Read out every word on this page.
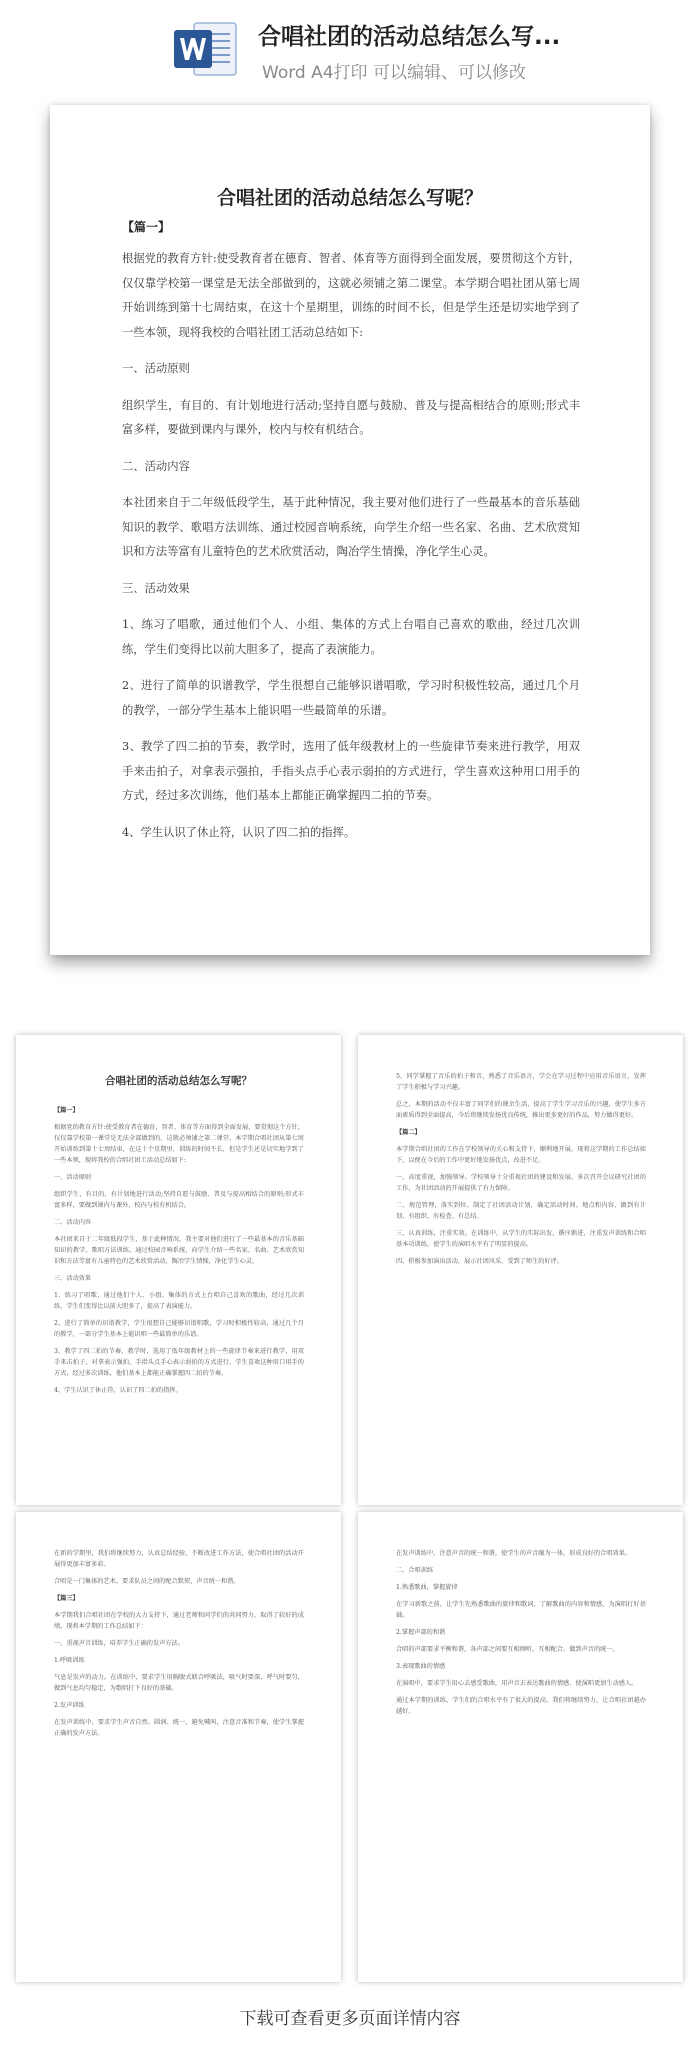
合唱社团的活动总结怎么写...
Word A4打印 可以编辑、可以修改
合唱社团的活动总结怎么写呢？
【篇一】

根据党的教育方针:使受教育者在德育、智者、体育等方面得到全面发展，要贯彻这个方针，仅仅靠学校第一课堂是无法全部做到的，这就必须铺之第二课堂。本学期合唱社团从第七周开始训练到第十七周结束，在这十个星期里，训练的时间不长，但是学生还是切实地学到了一些本领，现将我校的合唱社团工活动总结如下:

一、活动原则

组织学生，有目的、有计划地进行活动;坚持自愿与鼓励、普及与提高相结合的原则;形式丰富多样，要做到课内与课外，校内与校有机结合。

二、活动内容

本社团来自于二年级低段学生，基于此种情况，我主要对他们进行了一些最基本的音乐基础知识的教学、歌唱方法训练、通过校园音响系统，向学生介绍一些名家、名曲、艺术欣赏知识和方法等富有儿童特色的艺术欣赏活动，陶冶学生情操，净化学生心灵。

三、活动效果

1、练习了唱歌，通过他们个人、小组、集体的方式上台唱自己喜欢的歌曲，经过几次训练，学生们变得比以前大胆多了，提高了表演能力。

2、进行了简单的识谱教学，学生很想自己能够识谱唱歌，学习时积极性较高，通过几个月的教学，一部分学生基本上能识唱一些最简单的乐谱。

3、教学了四二拍的节奏，教学时，选用了低年级教材上的一些旋律节奏来进行教学，用双手来击拍子，对拿表示强拍，手指头点手心表示弱拍的方式进行，学生喜欢这种用口用手的方式，经过多次训练，他们基本上都能正确掌握四二拍的节奏。

4、学生认识了休止符，认识了四二拍的指挥。

合唱社团的活动总结怎么写呢？

【篇一】

根据党的教育方针:使受教育者在德育、智者、体育等方面得到全面发展，要贯彻这个方针，仅仅靠学校第一课堂是无法全部做到的，这就必须铺之第二课堂。本学期合唱社团从第七周开始训练到第十七周结束，在这十个星期里，训练的时间不长，但是学生还是切实地学到了一些本领，现将我校的合唱社团工活动总结如下:

一、活动原则

组织学生，有目的、有计划地进行活动;坚持自愿与鼓励、普及与提高相结合的原则;形式丰富多样，要做到课内与课外，校内与校有机结合。

二、活动内容

本社团来自于二年级低段学生，基于此种情况，我主要对他们进行了一些最基本的音乐基础知识的教学、歌唱方法训练、通过校园音响系统，向学生介绍一些名家、名曲、艺术欣赏知识和方法等富有儿童特色的艺术欣赏活动，陶冶学生情操，净化学生心灵。

三、活动效果

1、练习了唱歌，通过他们个人、小组、集体的方式上台唱自己喜欢的歌曲，经过几次训练，学生们变得比以前大胆多了，提高了表演能力。

2、进行了简单的识谱教学，学生很想自己能够识谱唱歌，学习时积极性较高，通过几个月的教学，一部分学生基本上能识唱一些最简单的乐谱。

3、教学了四二拍的节奏，教学时，选用了低年级教材上的一些旋律节奏来进行教学，用双手来击拍子，对拿表示强拍，手指头点手心表示弱拍的方式进行，学生喜欢这种用口用手的方式，经过多次训练，他们基本上都能正确掌握四二拍的节奏。

4、学生认识了休止符，认识了四二拍的指挥。

5、同学掌握了音乐的拍子和音，熟悉了音乐语言，学会在学习过程中应用音乐语言，发挥了学生积极与学习兴趣。

总之，本期的活动不仅丰富了同学们的课余生活，提高了学生学习音乐的兴趣，使学生多方面素质得到全面提高，今后将继续发扬优良传统，推出更多更好的作品，努力做得更好。

【篇二】

本学期合唱社团的工作在学校领导的关心和支持下，顺利地开展。现将这学期的工作总结如下，以便在今后的工作中更好地发扬优点，改进不足。

一、高度重视，加强领导。学校领导十分重视社团的建设和发展，多次召开会议研究社团的工作，为社团活动的开展提供了有力保障。

二、规范管理，落实到位。制定了社团活动计划，确定活动时间、地点和内容，做到有计划、有组织、有检查、有总结。

三、认真训练，注重实效。在训练中，从学生的实际出发，循序渐进，注重发声训练和合唱基本功训练，使学生的演唱水平有了明显的提高。

四、积极参加演出活动，展示社团风采，受到了师生的好评。

在新的学期里，我们将继续努力，认真总结经验，不断改进工作方法，使合唱社团的活动开展得更加丰富多彩。

合唱是一门集体的艺术，要求队员之间的配合默契，声音统一和谐。

【篇三】

本学期我们合唱社团在学校的大力支持下，通过老师和同学们的共同努力，取得了较好的成绩。现将本学期的工作总结如下：

一、重视声音训练，培养学生正确的发声方法。

1.呼吸训练

气息是发声的动力。在训练中，要求学生用胸腹式联合呼吸法，吸气时要深，呼气时要匀，做到气息均匀稳定，为歌唱打下良好的基础。

2.发声训练

在发声训练中，要求学生声音自然、圆润、统一，避免喊叫，注意音准和节奏，使学生掌握正确的发声方法。

在发声训练中，注意声音的统一和谐，使学生的声音融为一体，形成良好的合唱效果。

二、合唱训练

1.熟悉歌曲，掌握旋律

在学习新歌之前，让学生先熟悉歌曲的旋律和歌词，了解歌曲的内容和情感，为演唱打好基础。

2.掌握声部的和谐

合唱的声部要求平衡和谐，各声部之间要互相倾听，互相配合，做到声音的统一。

3.表现歌曲的情感

在演唱中，要求学生用心去感受歌曲，用声音去表达歌曲的情感，使演唱更加生动感人。

通过本学期的训练，学生们的合唱水平有了很大的提高，我们将继续努力，让合唱社团越办越好。

下载可查看更多页面详情内容
